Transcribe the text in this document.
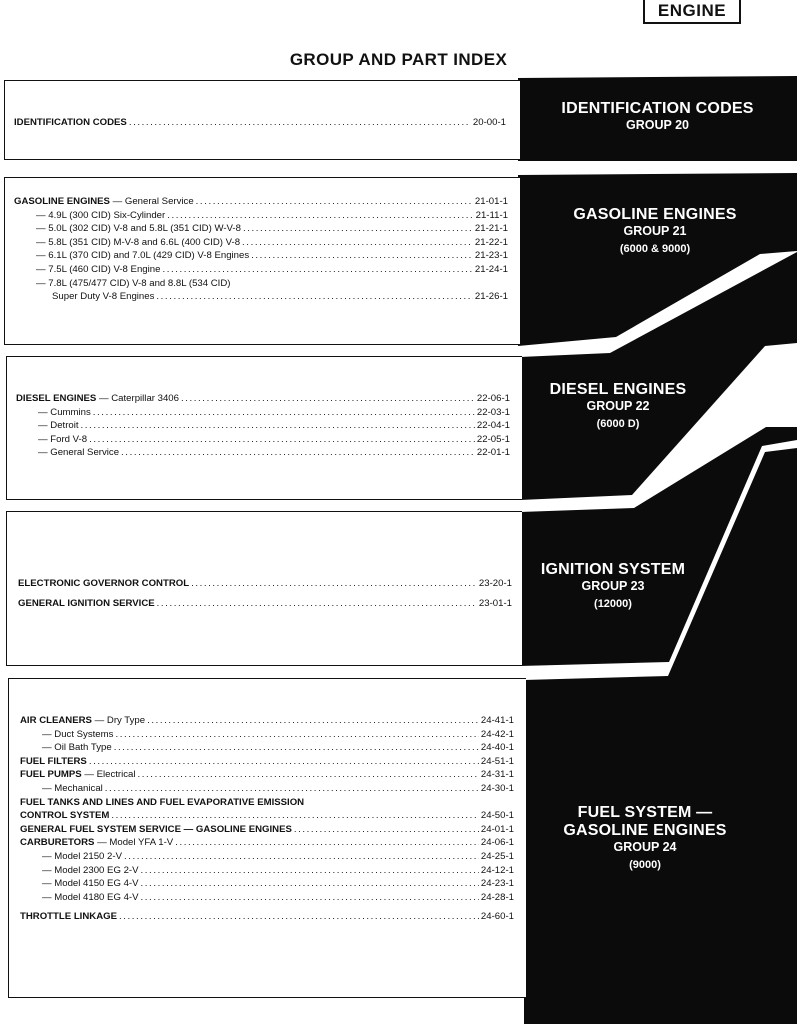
ENGINE
GROUP AND PART INDEX
IDENTIFICATION CODES .....	20-00-1
IDENTIFICATION CODES
GROUP 20
GASOLINE ENGINES — General Service .....	21-01-1
— 4.9L (300 CID) Six-Cylinder .....	21-11-1
— 5.0L (302 CID) V-8 and 5.8L (351 CID) W-V-8 .....	21-21-1
— 5.8L (351 CID) M-V-8 and 6.6L (400 CID) V-8 .....	21-22-1
— 6.1L (370 CID) and 7.0L (429 CID) V-8 Engines .....	21-23-1
— 7.5L (460 CID) V-8 Engine .....	21-24-1
— 7.8L (475/477 CID) V-8 and 8.8L (534 CID)
Super Duty V-8 Engines .....	21-26-1
GASOLINE ENGINES
GROUP 21
(6000 & 9000)
DIESEL ENGINES — Caterpillar 3406 .....	22-06-1
— Cummins .....	22-03-1
— Detroit .....	22-04-1
— Ford V-8 .....	22-05-1
— General Service .....	22-01-1
DIESEL ENGINES
GROUP 22
(6000 D)
ELECTRONIC GOVERNOR CONTROL .....	23-20-1
GENERAL IGNITION SERVICE .....	23-01-1
IGNITION SYSTEM
GROUP 23
(12000)
AIR CLEANERS — Dry Type .....	24-41-1
— Duct Systems .....	24-42-1
— Oil Bath Type .....	24-40-1
FUEL FILTERS .....	24-51-1
FUEL PUMPS — Electrical .....	24-31-1
— Mechanical .....	24-30-1
FUEL TANKS AND LINES AND FUEL EVAPORATIVE EMISSION
CONTROL SYSTEM .....	24-50-1
GENERAL FUEL SYSTEM SERVICE — GASOLINE ENGINES .....	24-01-1
CARBURETORS — Model YFA 1-V .....	24-06-1
— Model 2150 2-V .....	24-25-1
— Model 2300 EG 2-V .....	24-12-1
— Model 4150 EG 4-V .....	24-23-1
— Model 4180 EG 4-V .....	24-28-1
THROTTLE LINKAGE .....	24-60-1
FUEL SYSTEM —
GASOLINE ENGINES
GROUP 24
(9000)
